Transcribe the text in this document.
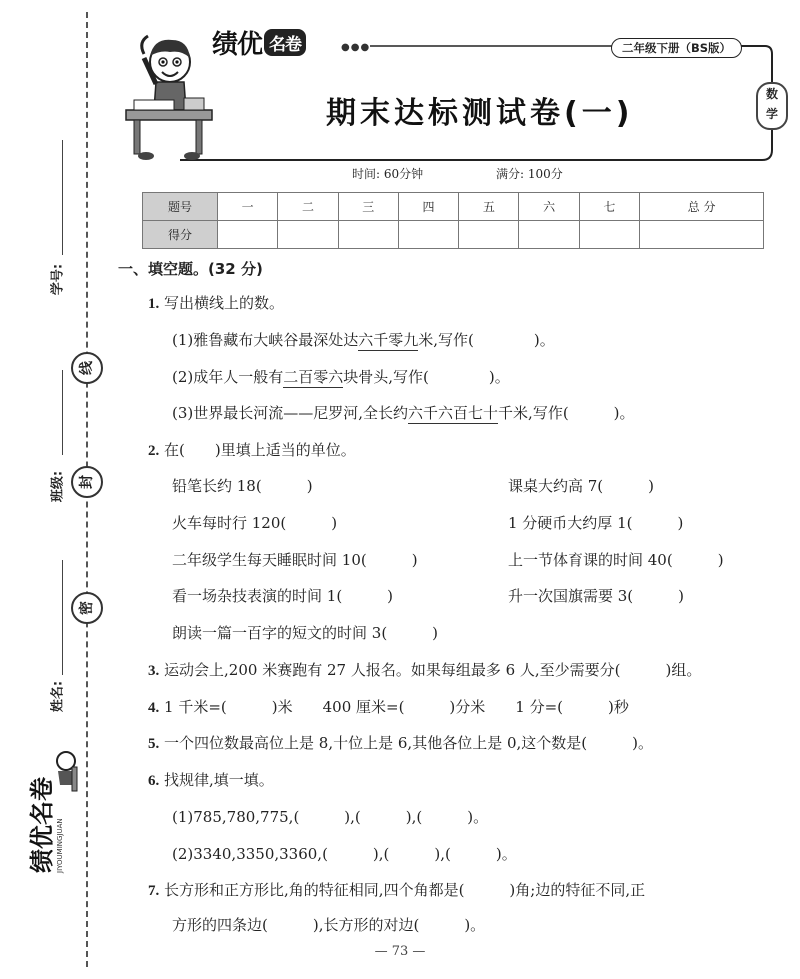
学号:
线
班级: 封
密
姓名:
绩优名卷 JIYOUMINGJUAN
绩优 名卷	●●●	二年级下册（BS版）
数
学
期末达标测试卷(一)
时间: 60分钟	满分: 100分
题号	一	二	三	四	五	六	七	总 分
得分								
一、填空题。(32 分)
1. 写出横线上的数。
(1)雅鲁藏布大峡谷最深处达六千零九米,写作(　　　　)。
(2)成年人一般有二百零六块骨头,写作(　　　　)。
(3)世界最长河流——尼罗河,全长约六千六百七十千米,写作(　　　)。
2. 在(　　)里填上适当的单位。
铅笔长约 18(　　　)	课桌大约高 7(　　　)
火车每时行 120(　　　)	1 分硬币大约厚 1(　　　)
二年级学生每天睡眠时间 10(　　　)	上一节体育课的时间 40(　　　)
看一场杂技表演的时间 1(　　　)	升一次国旗需要 3(　　　)
朗读一篇一百字的短文的时间 3(　　　)
3. 运动会上,200 米赛跑有 27 人报名。如果每组最多 6 人,至少需要分(　　　)组。
4. 1 千米=(　　　)米　　400 厘米=(　　　)分米　　1 分=(　　　)秒
5. 一个四位数最高位上是 8,十位上是 6,其他各位上是 0,这个数是(　　　)。
6. 找规律,填一填。
(1)785,780,775,(　　　),(　　　),(　　　)。
(2)3340,3350,3360,(　　　),(　　　),(　　　)。
7. 长方形和正方形比,角的特征相同,四个角都是(　　　)角;边的特征不同,正
方形的四条边(　　　),长方形的对边(　　　)。
— 73 —
